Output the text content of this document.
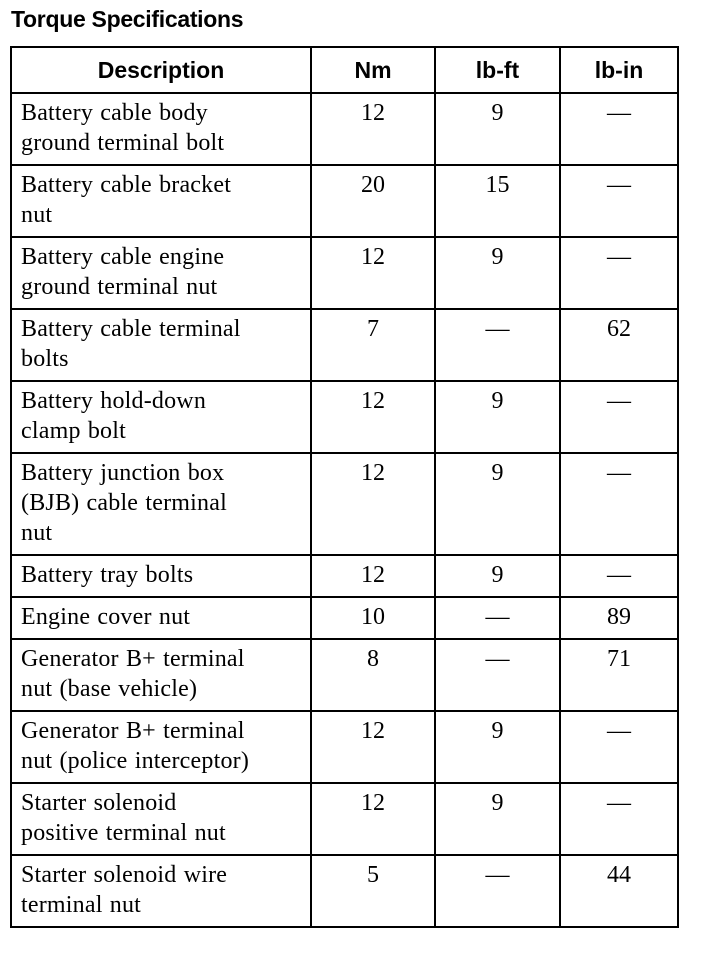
Torque Specifications
Description	Nm	lb-ft	lb-in

Battery cable body
ground terminal bolt	12	9	—

Battery cable bracket
nut	20	15	—

Battery cable engine
ground terminal nut	12	9	—

Battery cable terminal
bolts	7	—	62

Battery hold-down
clamp bolt	12	9	—

Battery junction box
(BJB) cable terminal
nut	12	9	—

Battery tray bolts	12	9	—

Engine cover nut	10	—	89

Generator B+ terminal
nut (base vehicle)	8	—	71

Generator B+ terminal
nut (police interceptor)	12	9	—

Starter solenoid
positive terminal nut	12	9	—

Starter solenoid wire
terminal nut	5	—	44
